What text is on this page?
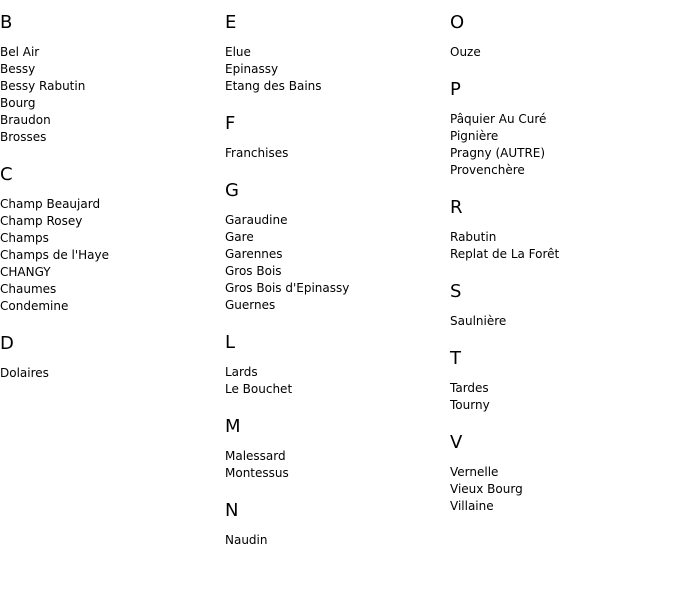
B
Bel Air
Bessy
Bessy Rabutin
Bourg
Braudon
Brosses
C
Champ Beaujard
Champ Rosey
Champs
Champs de l'Haye
CHANGY
Chaumes
Condemine
D
Dolaires
E
Elue
Epinassy
Etang des Bains
F
Franchises
G
Garaudine
Gare
Garennes
Gros Bois
Gros Bois d'Epinassy
Guernes
L
Lards
Le Bouchet
M
Malessard
Montessus
N
Naudin
O
Ouze
P
Pâquier Au Curé
Pignière
Pragny (AUTRE)
Provenchère
R
Rabutin
Replat de La Forêt
S
Saulnière
T
Tardes
Tourny
V
Vernelle
Vieux Bourg
Villaine
